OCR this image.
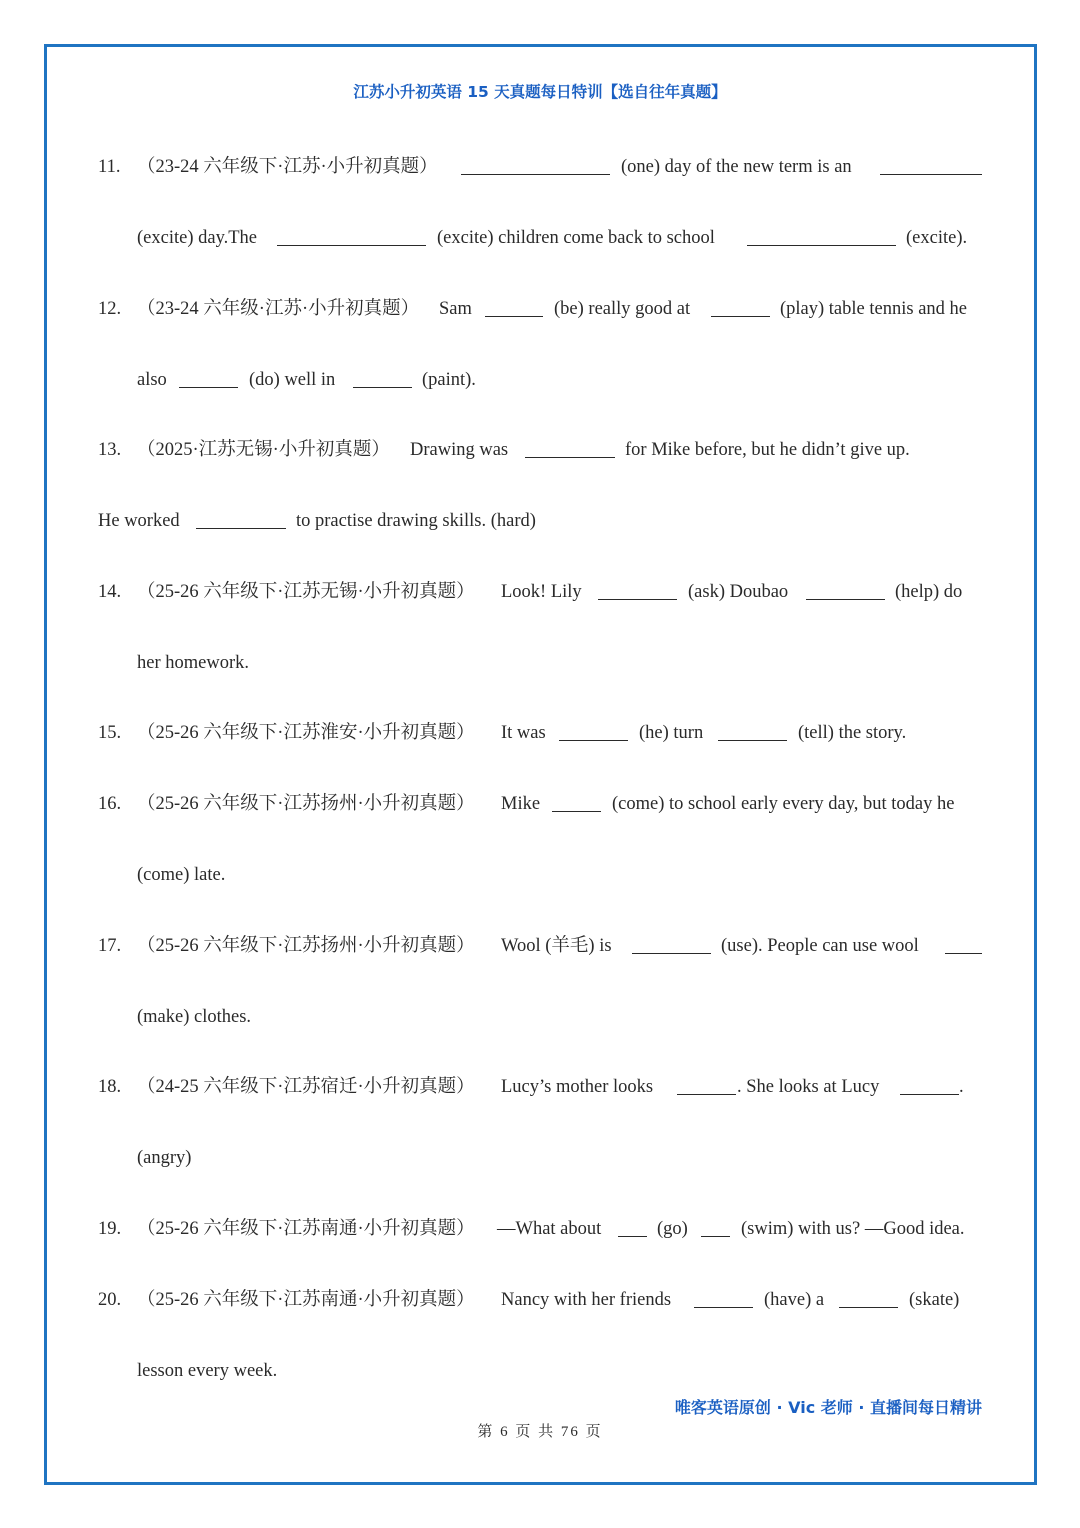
江苏小升初英语 15 天真题每日特训【选自往年真题】
11. （23-24 六年级下·江苏·小升初真题）	(one) day of the new term is an
(excite) day.The	(excite) children come back to school	(excite).
12. （23-24 六年级·江苏·小升初真题） Sam	(be) really good at	(play) table tennis and he
also	(do) well in	(paint).
13. （2025·江苏无锡·小升初真题） Drawing was	for Mike before, but he didn’t give up.
He worked	to practise drawing skills. (hard)
14. （25-26 六年级下·江苏无锡·小升初真题） Look! Lily	(ask) Doubao	(help) do
her homework.
15. （25-26 六年级下·江苏淮安·小升初真题） It was	(he) turn	(tell) the story.
16. （25-26 六年级下·江苏扬州·小升初真题） Mike	(come) to school early every day, but today he
(come) late.
17. （25-26 六年级下·江苏扬州·小升初真题） Wool (羊毛) is	(use). People can use wool
(make) clothes.
18. （24-25 六年级下·江苏宿迁·小升初真题） Lucy’s mother looks	. She looks at Lucy	.
(angry)
19. （25-26 六年级下·江苏南通·小升初真题） —What about	(go)	(swim) with us? —Good idea.
20. （25-26 六年级下·江苏南通·小升初真题） Nancy with her friends	(have) a	(skate)
lesson every week.
唯客英语原创 · Vic 老师 · 直播间每日精讲
第 6 页 共 76 页
